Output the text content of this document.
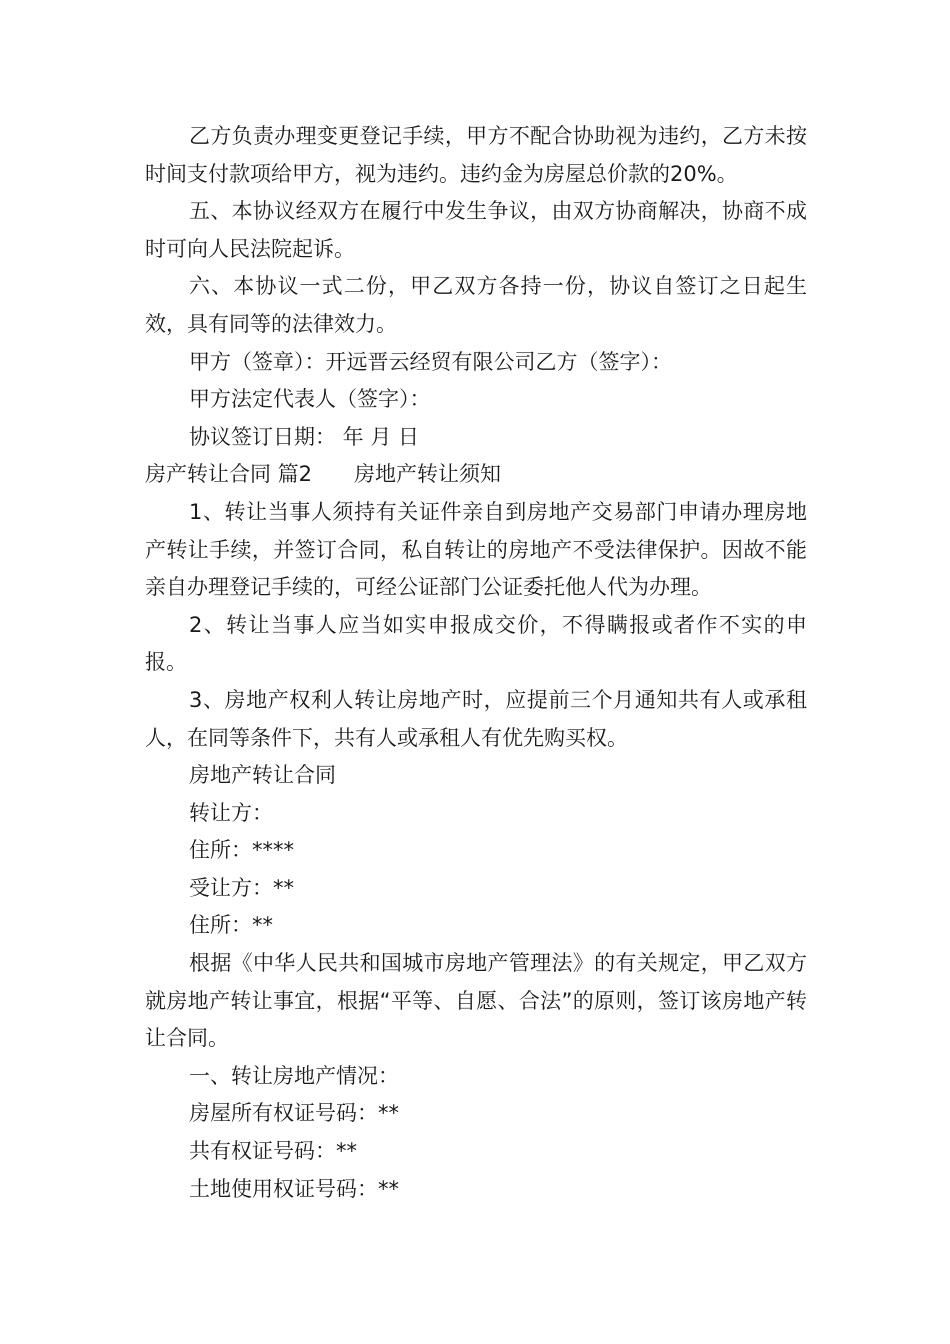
乙方负责办理变更登记手续，甲方不配合协助视为违约，乙方未按时间支付款项给甲方，视为违约。违约金为房屋总价款的20%。

五、本协议经双方在履行中发生争议，由双方协商解决，协商不成时可向人民法院起诉。

六、本协议一式二份，甲乙双方各持一份，协议自签订之日起生效，具有同等的法律效力。

甲方（签章）：开远晋云经贸有限公司乙方（签字）：

甲方法定代表人（签字）：

协议签订日期： 年 月 日

房产转让合同 篇2 房地产转让须知

1、转让当事人须持有关证件亲自到房地产交易部门申请办理房地产转让手续，并签订合同，私自转让的房地产不受法律保护。因故不能亲自办理登记手续的，可经公证部门公证委托他人代为办理。

2、转让当事人应当如实申报成交价，不得瞒报或者作不实的申报。

3、房地产权利人转让房地产时，应提前三个月通知共有人或承租人，在同等条件下，共有人或承租人有优先购买权。

房地产转让合同

转让方：

住所：****

受让方：**

住所：**

根据《中华人民共和国城市房地产管理法》的有关规定，甲乙双方就房地产转让事宜，根据“平等、自愿、合法”的原则，签订该房地产转让合同。

一、转让房地产情况：

房屋所有权证号码：**

共有权证号码：**

土地使用权证号码：**
